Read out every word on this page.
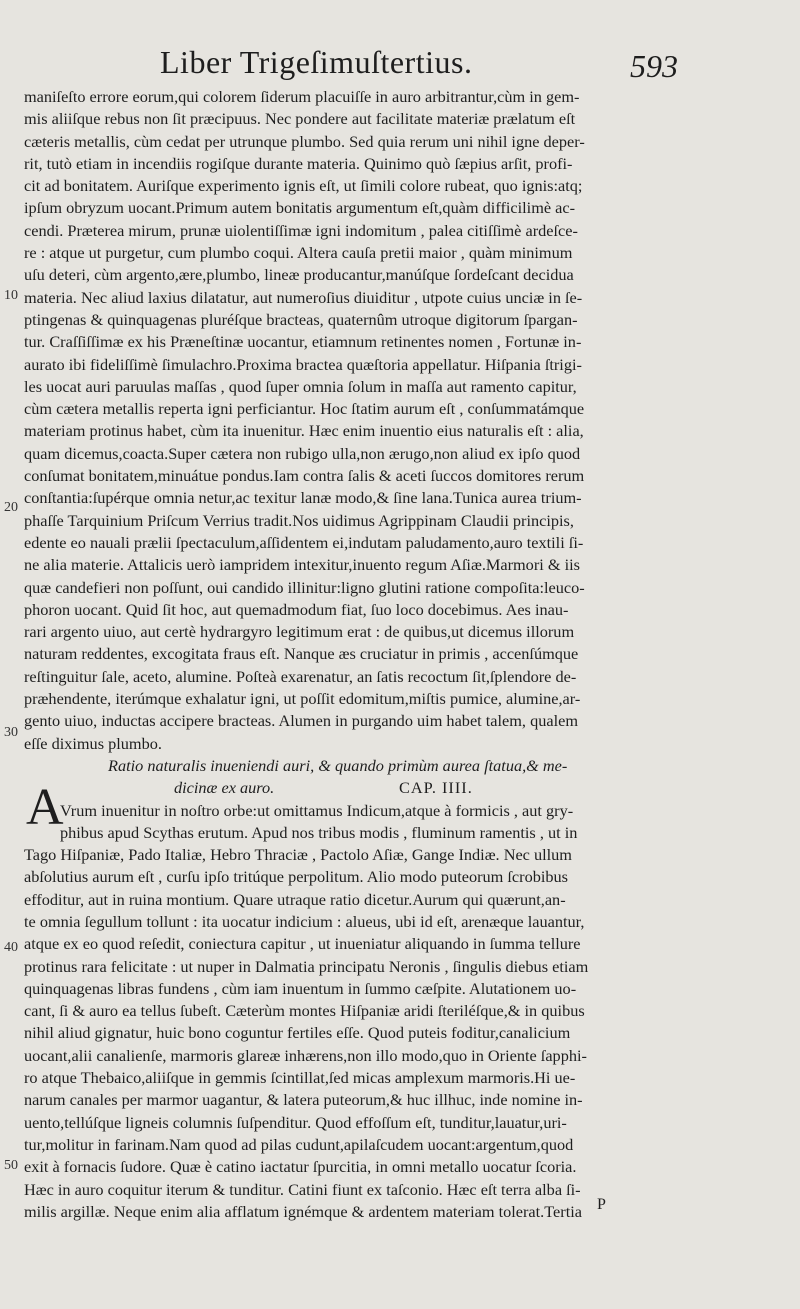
Liber Trigeſimuſtertius.	593
10
20
30
40
50
maniſeſto errore eorum,qui colorem ſiderum placuiſſe in auro arbitrantur,cùm in gem-
mis aliiſque rebus non ſit præcipuus. Nec pondere aut facilitate materiæ prælatum eſt
cæteris metallis, cùm cedat per utrunque plumbo. Sed quia rerum uni nihil igne deper-
rit, tutò etiam in incendiis rogiſque durante materia. Quinimo quò ſæpius arſit, profi-
cit ad bonitatem. Auriſque experimento ignis eſt, ut ſimili colore rubeat, quo ignis:atq;
ipſum obryzum uocant.Primum autem bonitatis argumentum eſt,quàm difficilimè ac-
cendi. Præterea mirum, prunæ uiolentiſſimæ igni indomitum , palea citiſſimè ardeſce-
re : atque ut purgetur, cum plumbo coqui. Altera cauſa pretii maior , quàm minimum
uſu deteri, cùm argento,ære,plumbo, lineæ producantur,manúſque ſordeſcant decidua
materia. Nec aliud laxius dilatatur, aut numeroſius diuiditur , utpote cuius unciæ in ſe-
ptingenas & quinquagenas pluréſque bracteas, quaternûm utroque digitorum ſpargan-
tur. Craſſiſſimæ ex his Præneſtinæ uocantur, etiamnum retinentes nomen , Fortunæ in-
aurato ibi fideliſſimè ſimulachro.Proxima bractea quæſtoria appellatur. Hiſpania ſtrigi-
les uocat auri paruulas maſſas , quod ſuper omnia ſolum in maſſa aut ramento capitur,
cùm cætera metallis reperta igni perficiantur. Hoc ſtatim aurum eſt , conſummatámque
materiam protinus habet, cùm ita inuenitur. Hæc enim inuentio eius naturalis eſt : alia,
quam dicemus,coacta.Super cætera non rubigo ulla,non ærugo,non aliud ex ipſo quod
conſumat bonitatem,minuátue pondus.Iam contra ſalis & aceti ſuccos domitores rerum
conſtantia:ſupérque omnia netur,ac texitur lanæ modo,& ſine lana.Tunica aurea trium-
phaſſe Tarquinium Priſcum Verrius tradit.Nos uidimus Agrippinam Claudii principis,
edente eo nauali prælii ſpectaculum,aſſidentem ei,indutam paludamento,auro textili ſi-
ne alia materie. Attalicis uerò iampridem intexitur,inuento regum Aſiæ.Marmori & iis
quæ candefieri non poſſunt, oui candido illinitur:ligno glutini ratione compoſita:leuco-
phoron uocant. Quid ſit hoc, aut quemadmodum fiat, ſuo loco docebimus. Aes inau-
rari argento uiuo, aut certè hydrargyro legitimum erat : de quibus,ut dicemus illorum
naturam reddentes, excogitata fraus eſt. Nanque æs cruciatur in primis , accenſúmque
reſtinguitur ſale, aceto, alumine. Poſteà exarenatur, an ſatis recoctum ſit,ſplendore de-
præhendente, iterúmque exhalatur igni, ut poſſit edomitum,miſtis pumice, alumine,ar-
gento uiuo, inductas accipere bracteas. Alumen in purgando uim habet talem, qualem
eſſe diximus plumbo.
Ratio naturalis inueniendi auri, & quando primùm aurea ſtatua,& me-
dicinæ ex auro.	CAP. IIII.
Vrum inuenitur in noſtro orbe:ut omittamus Indicum,atque à formicis , aut gry-
phibus apud Scythas erutum. Apud nos tribus modis , fluminum ramentis , ut in
Tago Hiſpaniæ, Pado Italiæ, Hebro Thraciæ , Pactolo Aſiæ, Gange Indiæ. Nec ullum
abſolutius aurum eſt , curſu ipſo tritúque perpolitum. Alio modo puteorum ſcrobibus
effoditur, aut in ruina montium. Quare utraque ratio dicetur.Aurum qui quærunt,an-
te omnia ſegullum tollunt : ita uocatur indicium : alueus, ubi id eſt, arenæque lauantur,
atque ex eo quod reſedit, coniectura capitur , ut inueniatur aliquando in ſumma tellure
protinus rara felicitate : ut nuper in Dalmatia principatu Neronis , ſingulis diebus etiam
quinquagenas libras fundens , cùm iam inuentum in ſummo cæſpite. Alutationem uo-
cant, ſi & auro ea tellus ſubeſt. Cæterùm montes Hiſpaniæ aridi ſteriléſque,& in quibus
nihil aliud gignatur, huic bono coguntur fertiles eſſe. Quod puteis foditur,canalicium
uocant,alii canalienſe, marmoris glareæ inhærens,non illo modo,quo in Oriente ſapphi-
ro atque Thebaico,aliiſque in gemmis ſcintillat,ſed micas amplexum marmoris.Hi ue-
narum canales per marmor uagantur, & latera puteorum,& huc illhuc, inde nomine in-
uento,tellúſque ligneis columnis ſuſpenditur. Quod effoſſum eſt, tunditur,lauatur,uri-
tur,molitur in farinam.Nam quod ad pilas cudunt,apilaſcudem uocant:argentum,quod
exit à fornacis ſudore. Quæ è catino iactatur ſpurcitia, in omni metallo uocatur ſcoria.
Hæc in auro coquitur iterum & tunditur. Catini fiunt ex taſconio. Hæc eſt terra alba ſi-
milis argillæ. Neque enim alia afflatum ignémque & ardentem materiam tolerat.Tertia
A
P
